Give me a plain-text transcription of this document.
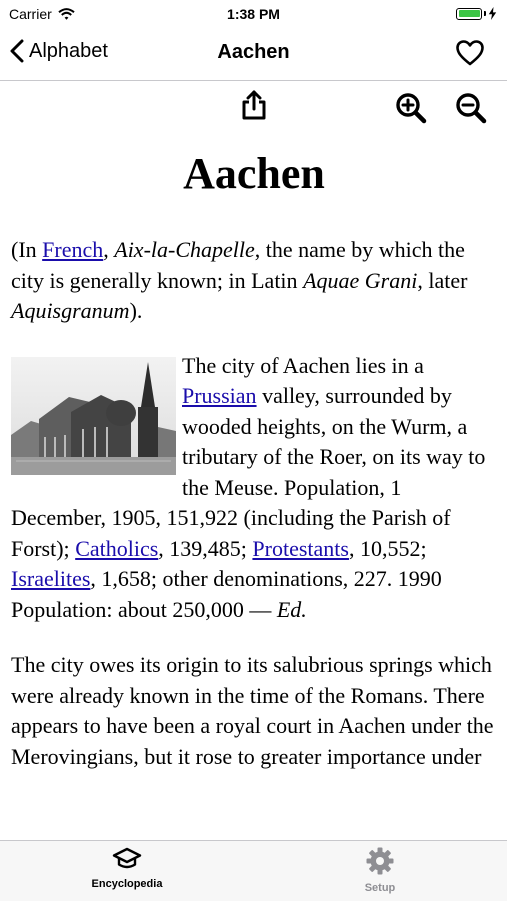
Carrier	1:38 PM
Alphabet	Aachen
Aachen

(In French, Aix-la-Chapelle, the name by which the city is generally known; in Latin Aquae Grani, later Aquisgranum).

The city of Aachen lies in a Prussian valley, surrounded by wooded heights, on the Wurm, a tributary of the Roer, on its way to the Meuse. Population, 1 December, 1905, 151,922 (including the Parish of Forst); Catholics, 139,485; Protestants, 10,552; Israelites, 1,658; other denominations, 227. 1990 Population: about 250,000 — Ed.

The city owes its origin to its salubrious springs which were already known in the time of the Romans. There appears to have been a royal court in Aachen under the Merovingians, but it rose to greater importance under

Encyclopedia	Setup
